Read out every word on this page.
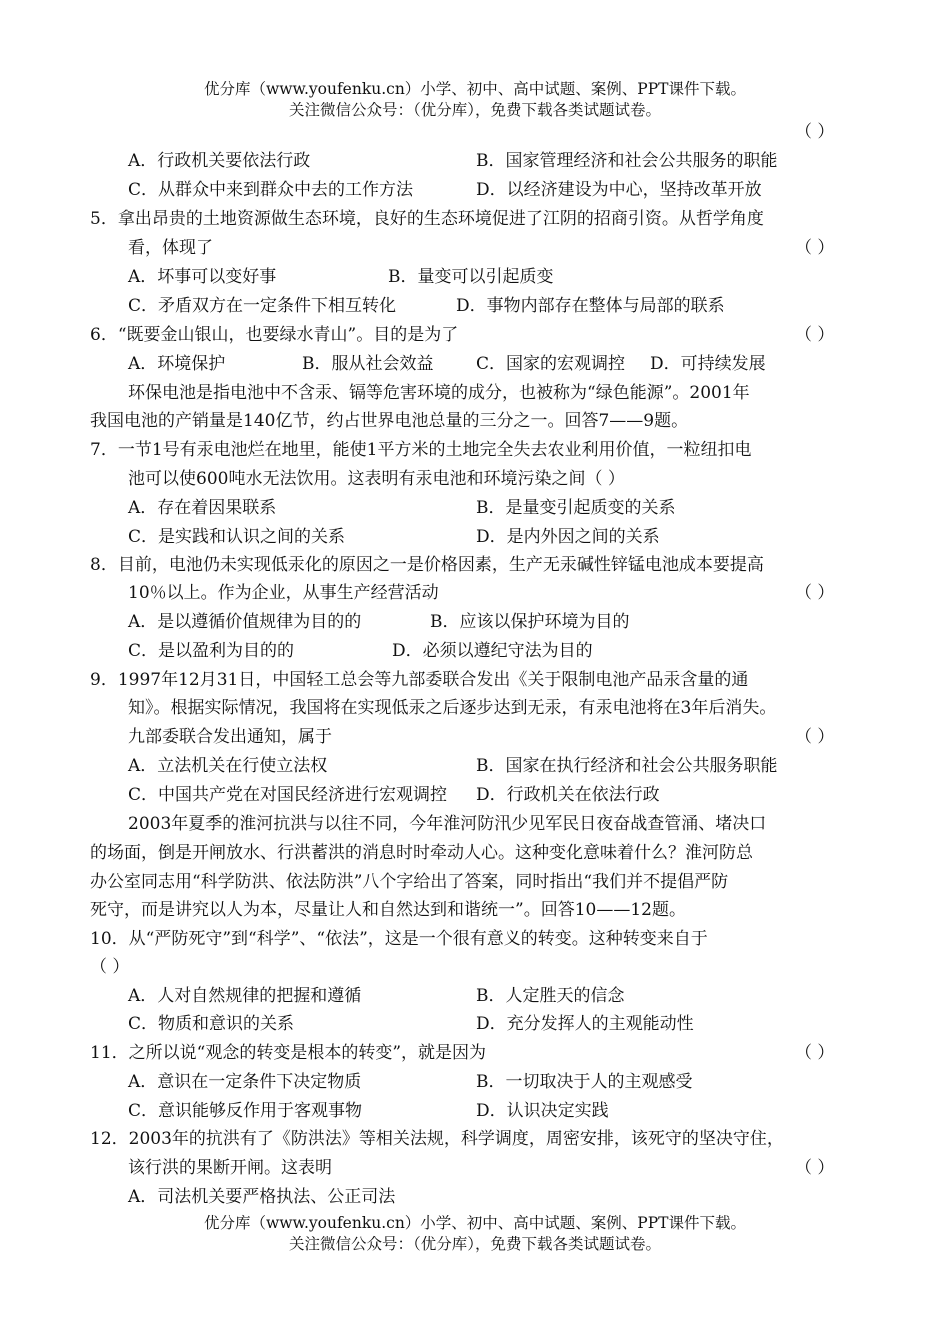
优分库（www.youfenku.cn）小学、初中、高中试题、案例、PPT课件下载。
关注微信公众号：（优分库），免费下载各类试题试卷。
（ ）
A．行政机关要依法行政	B．国家管理经济和社会公共服务的职能
C．从群众中来到群众中去的工作方法	D．以经济建设为中心，坚持改革开放
5．拿出昂贵的土地资源做生态环境，良好的生态环境促进了江阴的招商引资。从哲学角度
看，体现了	（ ）
A．坏事可以变好事	B．量变可以引起质变
C．矛盾双方在一定条件下相互转化	D．事物内部存在整体与局部的联系
6．“既要金山银山，也要绿水青山”。目的是为了	（ ）
A．环境保护	B．服从社会效益	C．国家的宏观调控 D．可持续发展
环保电池是指电池中不含汞、镉等危害环境的成分，也被称为“绿色能源”。2001年
我国电池的产销量是140亿节，约占世界电池总量的三分之一。回答7——9题。
7．一节1号有汞电池烂在地里，能使1平方米的土地完全失去农业利用价值，一粒纽扣电
池可以使600吨水无法饮用。这表明有汞电池和环境污染之间（ ）
A．存在着因果联系	B．是量变引起质变的关系
C．是实践和认识之间的关系	D．是内外因之间的关系
8．目前，电池仍未实现低汞化的原因之一是价格因素，生产无汞碱性锌锰电池成本要提高
10％以上。作为企业，从事生产经营活动	（ ）
A．是以遵循价值规律为目的的	B．应该以保护环境为目的
C．是以盈利为目的的	D．必须以遵纪守法为目的
9．1997年12月31日，中国轻工总会等九部委联合发出《关于限制电池产品汞含量的通
知》。根据实际情况，我国将在实现低汞之后逐步达到无汞，有汞电池将在3年后消失。
九部委联合发出通知，属于	（ ）
A．立法机关在行使立法权	B．国家在执行经济和社会公共服务职能
C．中国共产党在对国民经济进行宏观调控 D．行政机关在依法行政
2003年夏季的淮河抗洪与以往不同，今年淮河防汛少见军民日夜奋战查管涌、堵决口
的场面，倒是开闸放水、行洪蓄洪的消息时时牵动人心。这种变化意味着什么？淮河防总
办公室同志用“科学防洪、依法防洪”八个字给出了答案，同时指出“我们并不提倡严防
死守，而是讲究以人为本，尽量让人和自然达到和谐统一”。回答10——12题。
10．从“严防死守”到“科学”、“依法”，这是一个很有意义的转变。这种转变来自于
（ ）
A．人对自然规律的把握和遵循	B．人定胜天的信念
C．物质和意识的关系	D．充分发挥人的主观能动性
11．之所以说“观念的转变是根本的转变”，就是因为	（ ）
A．意识在一定条件下决定物质	B．一切取决于人的主观感受
C．意识能够反作用于客观事物	D．认识决定实践
12．2003年的抗洪有了《防洪法》等相关法规，科学调度，周密安排，该死守的坚决守住，
该行洪的果断开闸。这表明	（ ）
A．司法机关要严格执法、公正司法
优分库（www.youfenku.cn）小学、初中、高中试题、案例、PPT课件下载。
关注微信公众号：（优分库），免费下载各类试题试卷。
